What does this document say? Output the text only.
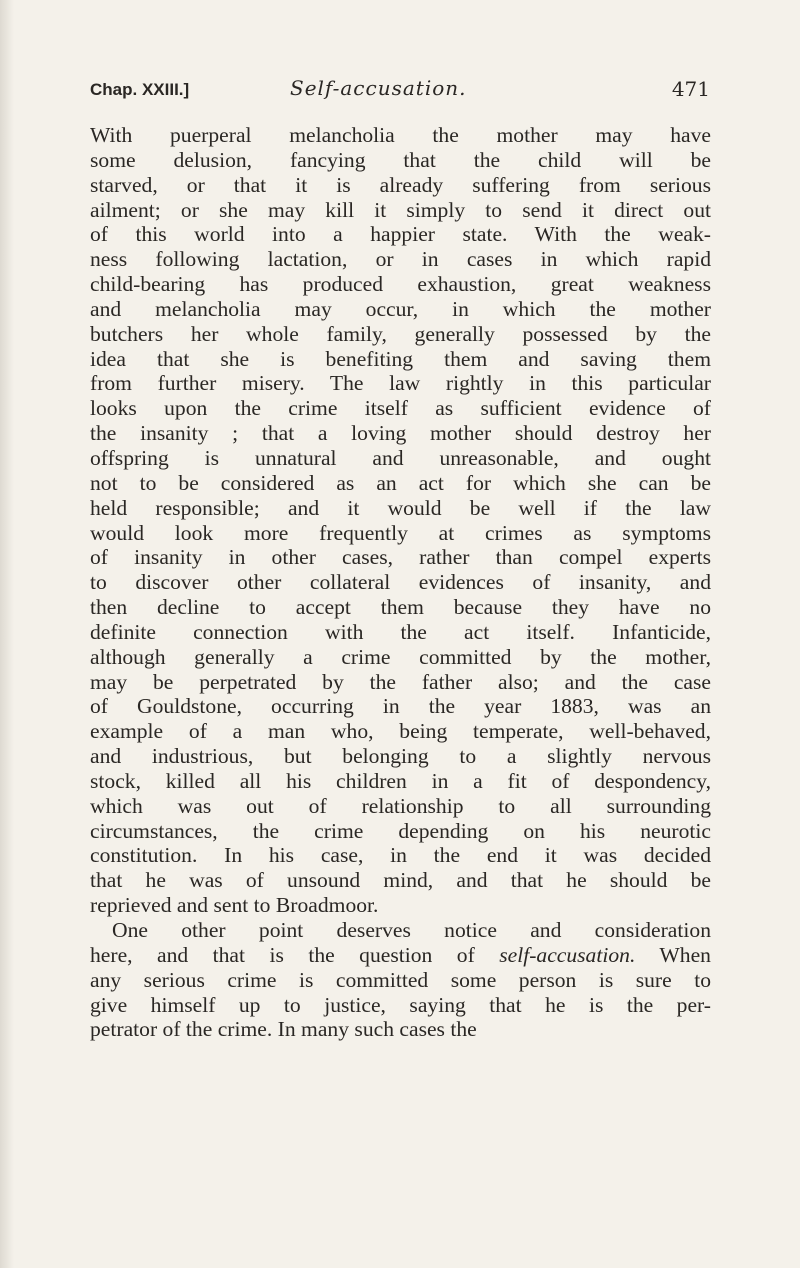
Chap. XXIII.]	Self-accusation.	471
With puerperal melancholia the mother may have
some delusion, fancying that the child will be
starved, or that it is already suffering from serious
ailment; or she may kill it simply to send it direct out
of this world into a happier state. With the weak-
ness following lactation, or in cases in which rapid
child-bearing has produced exhaustion, great weakness
and melancholia may occur, in which the mother
butchers her whole family, generally possessed by the
idea that she is benefiting them and saving them
from further misery. The law rightly in this particular
looks upon the crime itself as sufficient evidence of
the insanity ; that a loving mother should destroy her
offspring is unnatural and unreasonable, and ought
not to be considered as an act for which she can be
held responsible; and it would be well if the law
would look more frequently at crimes as symptoms
of insanity in other cases, rather than compel experts
to discover other collateral evidences of insanity, and
then decline to accept them because they have no
definite connection with the act itself. Infanticide,
although generally a crime committed by the mother,
may be perpetrated by the father also; and the case
of Gouldstone, occurring in the year 1883, was an
example of a man who, being temperate, well-behaved,
and industrious, but belonging to a slightly nervous
stock, killed all his children in a fit of despondency,
which was out of relationship to all surrounding
circumstances, the crime depending on his neurotic
constitution. In his case, in the end it was decided
that he was of unsound mind, and that he should be
reprieved and sent to Broadmoor.
One other point deserves notice and consideration
here, and that is the question of self-accusation. When
any serious crime is committed some person is sure to
give himself up to justice, saying that he is the per-
petrator of the crime. In many such cases the
